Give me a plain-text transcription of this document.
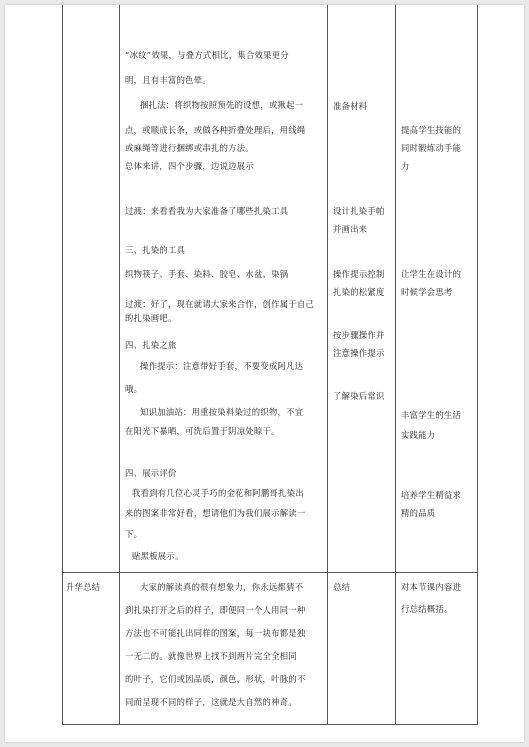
“冰纹”效果，与叠方式相比，集合效果更分
明，且有丰富的色晕。
捆扎法：将织物按照预先的设想，或揪起一
点，或顺成长条，或做各种折叠处理后，用线绳
或麻绳等进行捆绑或串扎的方法。
总体来讲，四个步骤，边说边展示
过渡：来看看我为大家准备了哪些扎染工具
三、扎染的工具
织物筷子、手套、染料、胶皂、水盆、染锅
过渡：好了，现在就请大家来合作，创作属于自己
的扎染画吧。
四、扎染之旅
操作提示：注意带好手套，不要变成阿凡达
哦。
知识加油站：用重按染料染过的织物，不宜
在阳光下暴晒，可洗后置于阴凉处晾干。
四、展示评价
我看到有几位心灵手巧的金花和阿鹏哥扎染出
来的图案非常好看，想请他们为我们展示解读一
下。
贴黑板展示。
准备材料
设计扎染手帕
并画出来
操作提示控制
扎染的松紧度
按步骤操作并
注意操作提示
了解染后常识
提高学生技能的
同时锻炼动手能
力
让学生在设计的
时候学会思考
丰富学生的生活
实践能力
培养学生精益求
精的品质
升华总结	大家的解读真的很有想象力，你永远都猜不
到扎染打开之后的样子，即便同一个人用同一种
方法也不可能扎出同样的图案，每一块布都是独
一无二的。就像世界上找不到两片完全全相同
的叶子，它们或因品质，颜色，形状，叶脉的不
同而呈现不同的样子，这就是大自然的神奇。
总结	对本节课内容进
行总结概括。
